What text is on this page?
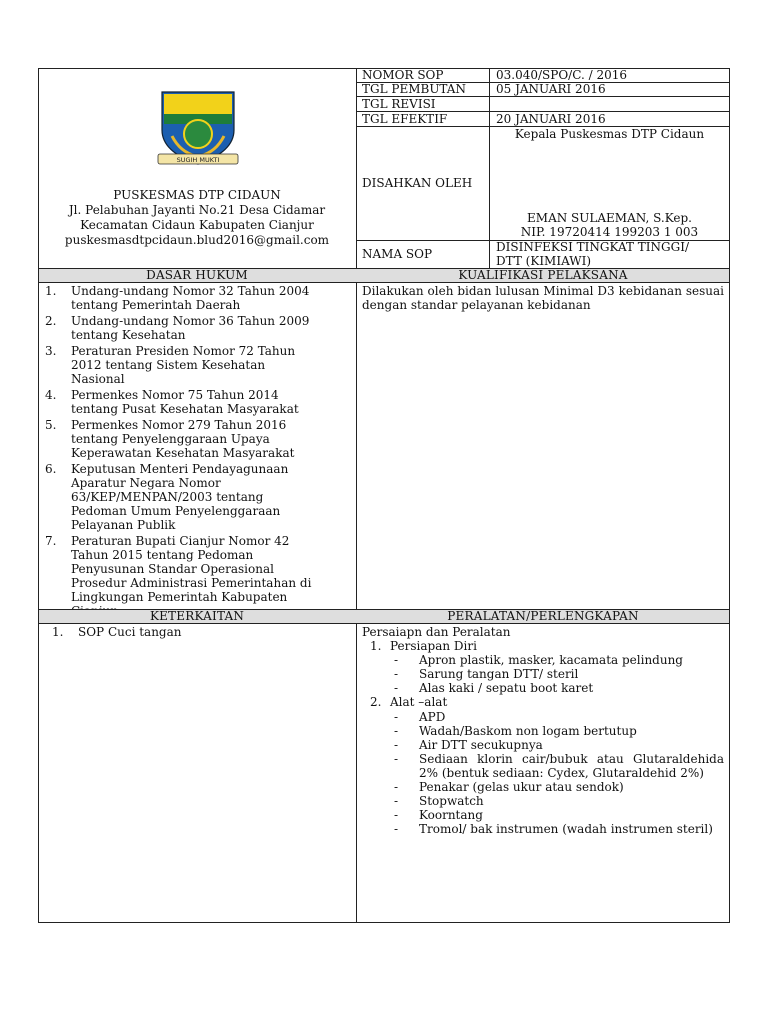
SUGIH MUKTI
PUSKESMAS DTP CIDAUN
Jl. Pelabuhan Jayanti No.21 Desa Cidamar
Kecamatan Cidaun Kabupaten Cianjur
puskesmasdtpcidaun.blud2016@gmail.com
NOMOR SOP	03.040/SPO/C. / 2016
TGL PEMBUTAN	05 JANUARI 2016
TGL REVISI
TGL EFEKTIF	20 JANUARI 2016
DISAHKAN OLEH
Kepala Puskesmas DTP Cidaun
EMAN SULAEMAN, S.Kep.
NIP. 19720414 199203 1 003
NAMA SOP	DISINFEKSI TINGKAT TINGGI/
DTT (KIMIAWI)
DASAR HUKUM	KUALIFIKASI PELAKSANA
1. Undang-undang Nomor 32 Tahun 2004
tentang Pemerintah Daerah
2. Undang-undang Nomor 36 Tahun 2009
tentang Kesehatan
3. Peraturan Presiden Nomor 72 Tahun
2012 tentang Sistem Kesehatan
Nasional
4. Permenkes Nomor 75 Tahun 2014
tentang Pusat Kesehatan Masyarakat
5. Permenkes Nomor 279 Tahun 2016
tentang Penyelenggaraan Upaya
Keperawatan Kesehatan Masyarakat
6. Keputusan Menteri Pendayagunaan
Aparatur Negara Nomor
63/KEP/MENPAN/2003 tentang
Pedoman Umum Penyelenggaraan
Pelayanan Publik
7. Peraturan Bupati Cianjur Nomor 42
Tahun 2015 tentang Pedoman
Penyusunan Standar Operasional
Prosedur Administrasi Pemerintahan di
Lingkungan Pemerintah Kabupaten

Dilakukan oleh bidan lulusan Minimal D3 kebidanan sesuai dengan standar pelayanan kebidanan
KETERKAITAN	PERALATAN/PERLENGKAPAN
1. SOP Cuci tangan	Persaiapn dan Peralatan
1. Persiapan Diri
- Apron plastik, masker, kacamata pelindung
- Sarung tangan DTT/ steril
- Alas kaki / sepatu boot karet
2. Alat –alat
- APD
- Wadah/Baskom non logam bertutup
- Air DTT secukupnya
- Sediaan klorin cair/bubuk atau Glutaraldehida 2% (bentuk sediaan: Cydex, Glutaraldehid 2%)
- Penakar (gelas ukur atau sendok)
- Stopwatch
- Koorntang
- Tromol/ bak instrumen (wadah instrumen steril)
